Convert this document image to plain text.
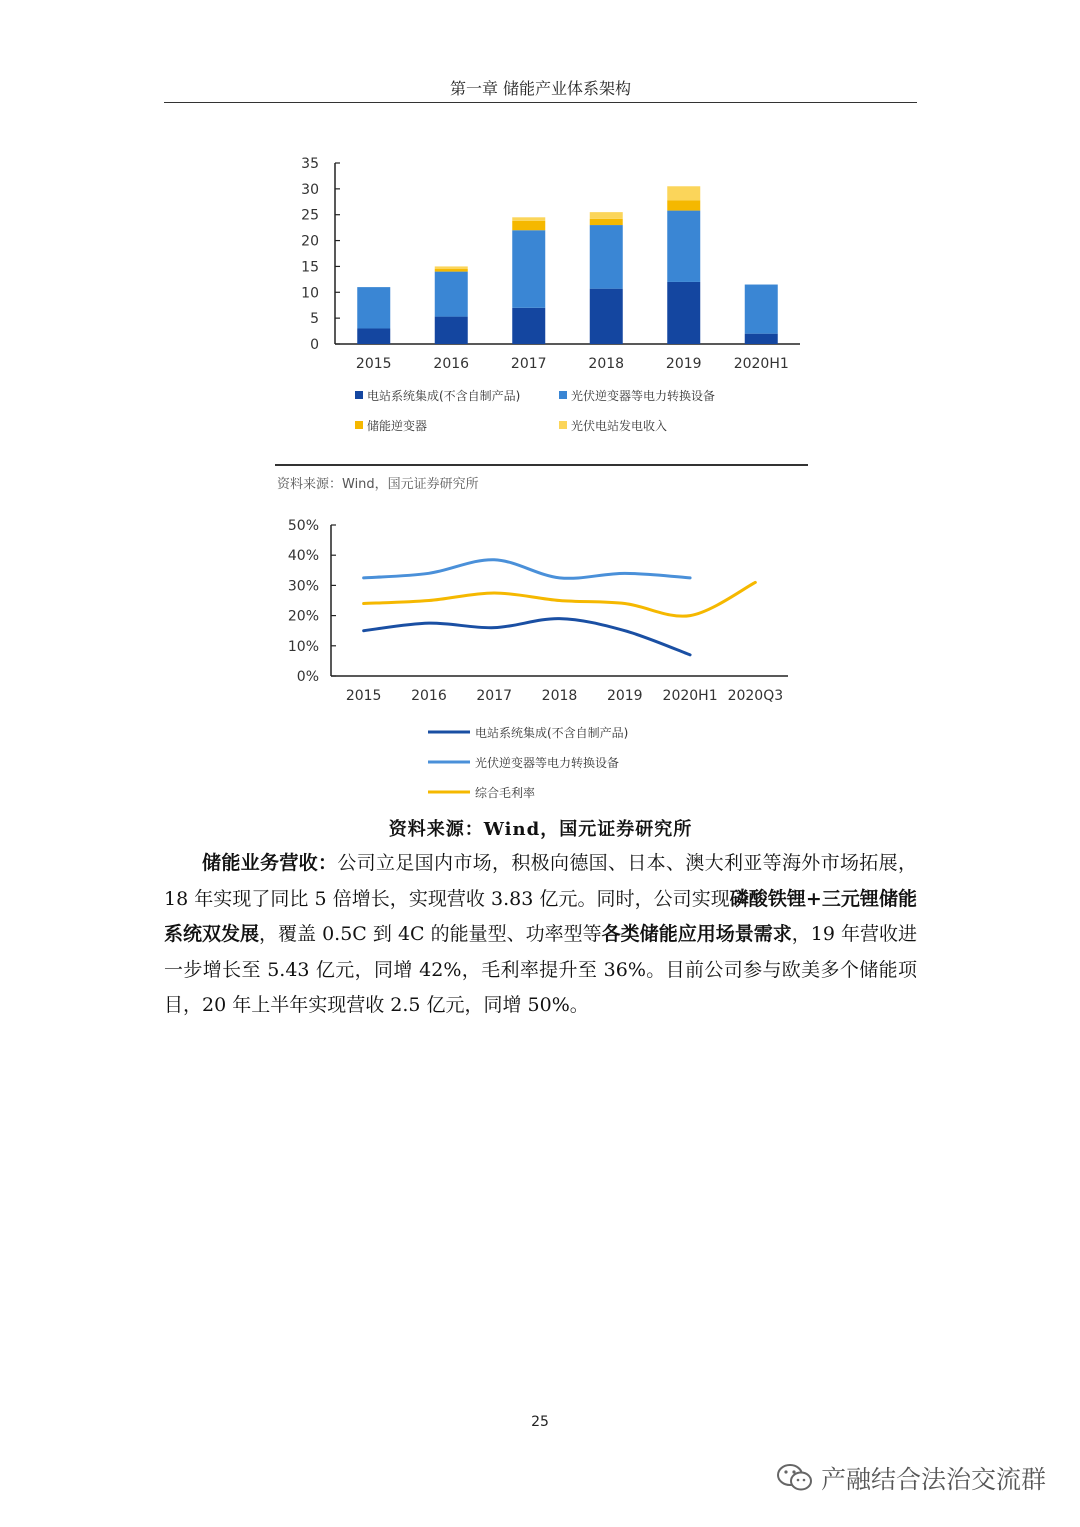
第一章 储能产业体系架构
0
5
10
15
20
25
30
35
2015	2016	2017	2018	2019 2020H1
电站系统集成(不含自制产品)	光伏逆变器等电力转换设备
储能逆变器	光伏电站发电收入
资料来源：Wind，国元证券研究所
0%
10%
20%
30%
40%
50%
2015 2016 2017 2018 2019 2020H1 2020Q3
电站系统集成(不含自制产品)
光伏逆变器等电力转换设备
综合毛利率
资料来源：Wind，国元证券研究所
储能业务营收：公司立足国内市场，积极向德国、日本、澳大利亚等海外市场拓展，18 年实现了同比 5 倍增长，实现营收 3.83 亿元。同时，公司实现磷酸铁锂+三元锂储能系统双发展，覆盖 0.5C 到 4C 的能量型、功率型等各类储能应用场景需求，19 年营收进一步增长至 5.43 亿元，同增 42%，毛利率提升至 36%。目前公司参与欧美多个储能项目，20 年上半年实现营收 2.5 亿元，同增 50%。
25
产融结合法治交流群
